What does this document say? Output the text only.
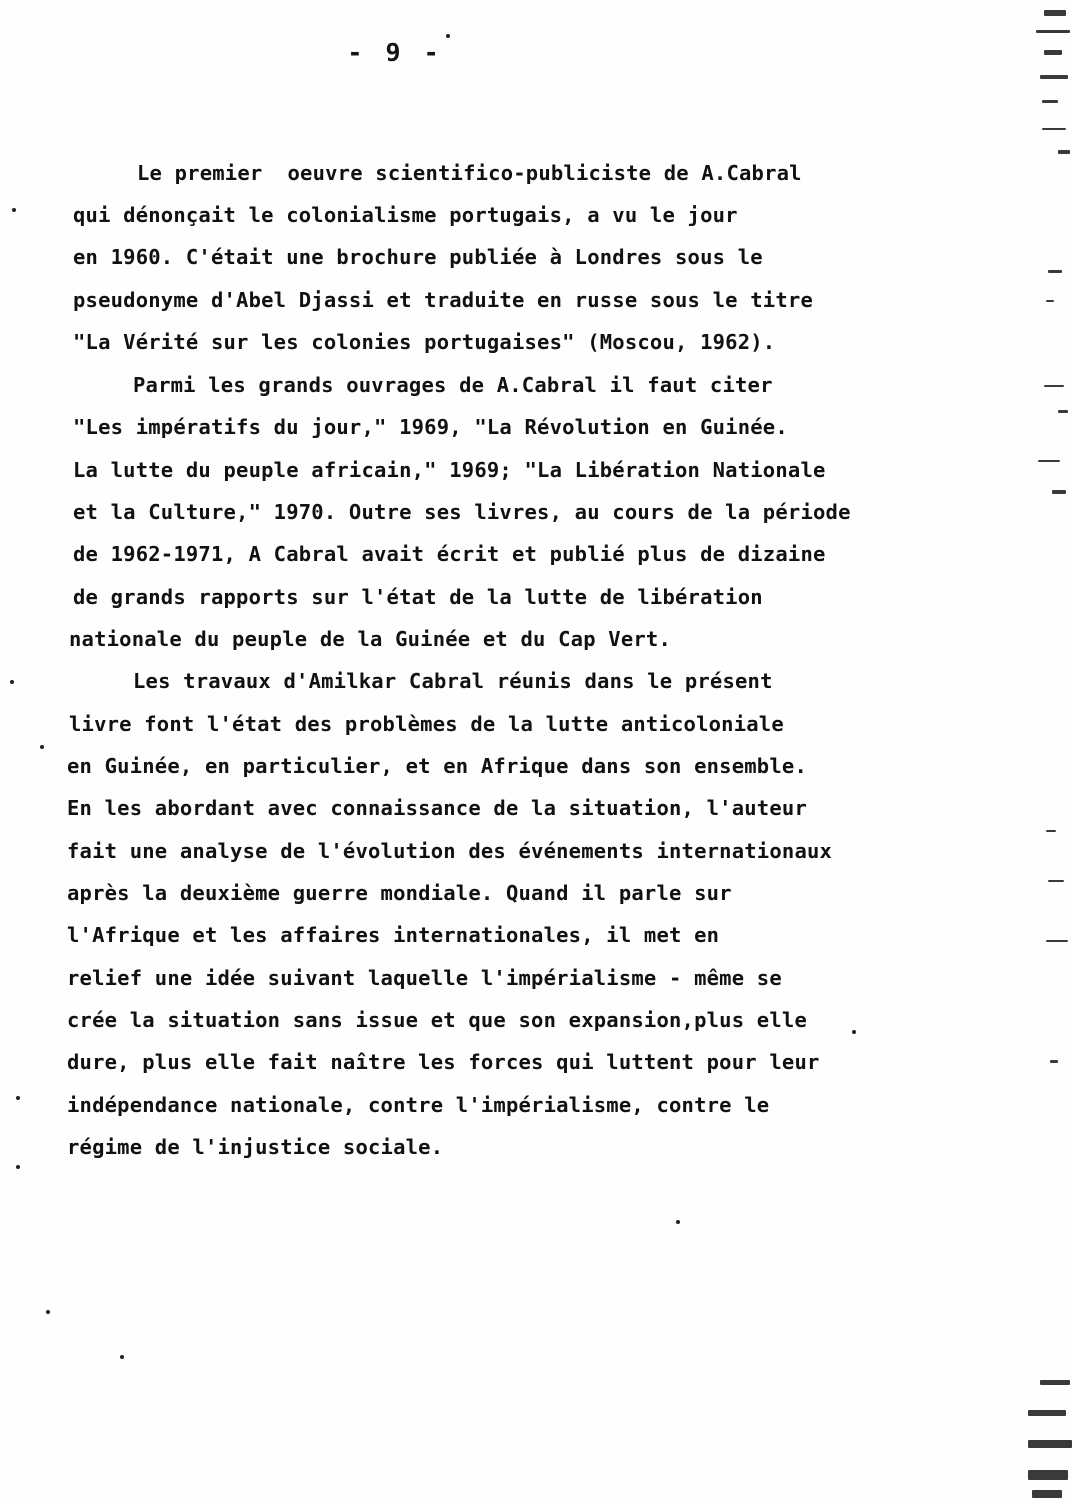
- 9 -
Le premier  oeuvre scientifico-publiciste de A.Cabral
qui dénonçait le colonialisme portugais, a vu le jour
en 1960. C'était une brochure publiée à Londres sous le
pseudonyme d'Abel Djassi et traduite en russe sous le titre
"La Vérité sur les colonies portugaises" (Moscou, 1962).
Parmi les grands ouvrages de A.Cabral il faut citer
"Les impératifs du jour," 1969, "La Révolution en Guinée.
La lutte du peuple africain," 1969; "La Libération Nationale
et la Culture," 1970. Outre ses livres, au cours de la période
de 1962-1971, A Cabral avait écrit et publié plus de dizaine
de grands rapports sur l'état de la lutte de libération
nationale du peuple de la Guinée et du Cap Vert.
Les travaux d'Amilkar Cabral réunis dans le présent
livre font l'état des problèmes de la lutte anticoloniale
en Guinée, en particulier, et en Afrique dans son ensemble.
En les abordant avec connaissance de la situation, l'auteur
fait une analyse de l'évolution des événements internationaux
après la deuxième guerre mondiale. Quand il parle sur
l'Afrique et les affaires internationales, il met en
relief une idée suivant laquelle l'impérialisme - même se
crée la situation sans issue et que son expansion,plus elle
dure, plus elle fait naître les forces qui luttent pour leur
indépendance nationale, contre l'impérialisme, contre le
régime de l'injustice sociale.
